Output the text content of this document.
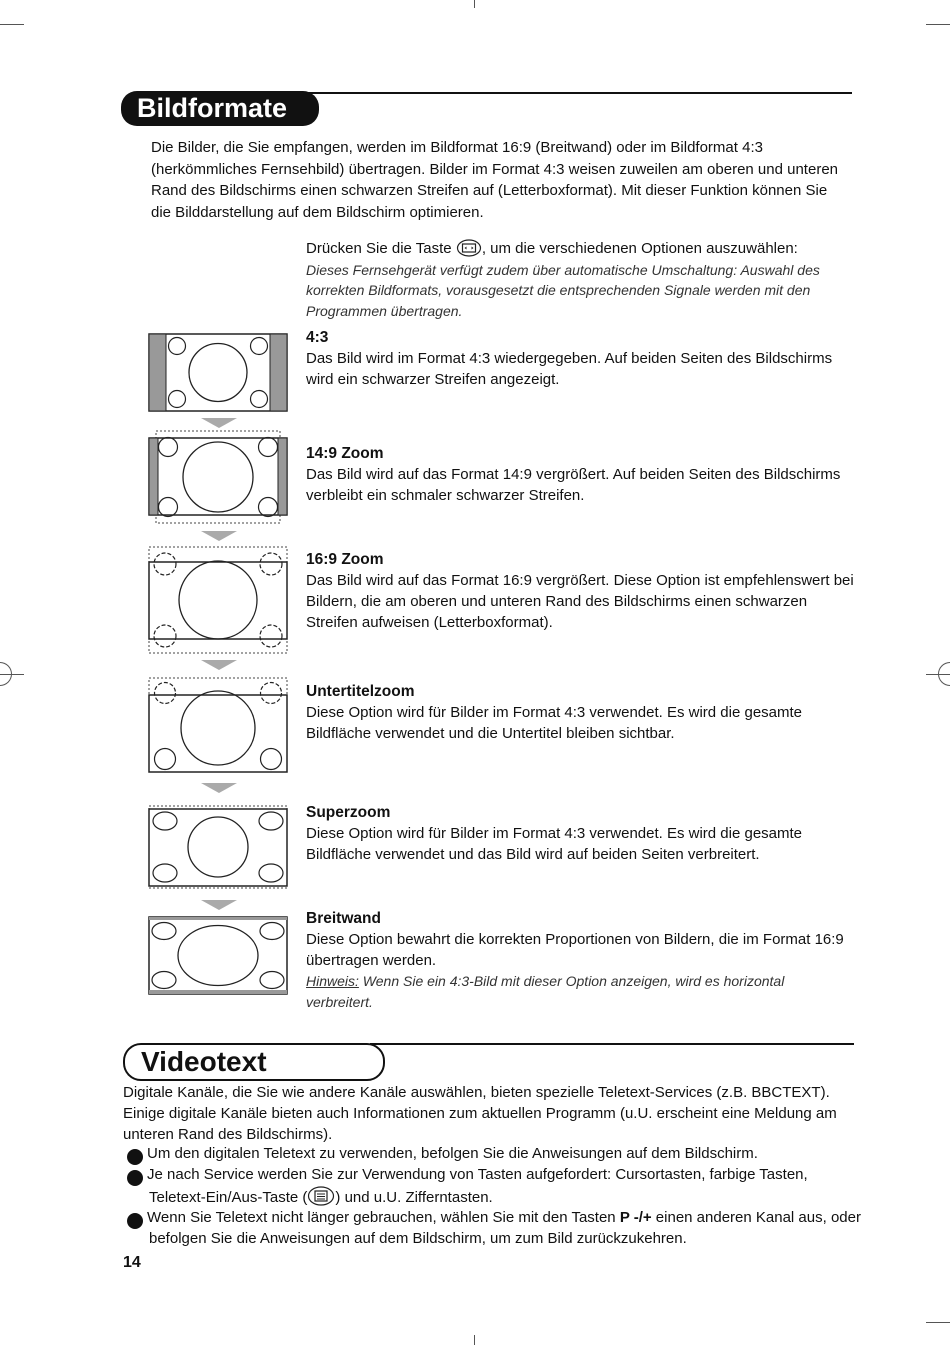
Bildformate
Die Bilder, die Sie empfangen, werden im Bildformat 16:9 (Breitwand) oder im Bildformat 4:3 (herkömmliches Fernsehbild) übertragen. Bilder im Format 4:3 weisen zuweilen am oberen und unteren Rand des Bildschirms einen schwarzen Streifen auf (Letterboxformat). Mit dieser Funktion können Sie die Bilddarstellung auf dem Bildschirm optimieren.
Drücken Sie die Taste , um die verschiedenen Optionen auszuwählen:
Dieses Fernsehgerät verfügt zudem über automatische Umschaltung: Auswahl des korrekten Bildformats, vorausgesetzt die entsprechenden Signale werden mit den Programmen übertragen.
4:3
Das Bild wird im Format 4:3 wiedergegeben. Auf beiden Seiten des Bildschirms wird ein schwarzer Streifen angezeigt.
14:9 Zoom
Das Bild wird auf das Format 14:9 vergrößert. Auf beiden Seiten des Bildschirms verbleibt ein schmaler schwarzer Streifen.
16:9 Zoom
Das Bild wird auf das Format 16:9 vergrößert. Diese Option ist empfehlenswert bei Bildern, die am oberen und unteren Rand des Bildschirms einen schwarzen Streifen aufweisen (Letterboxformat).
Untertitelzoom
Diese Option wird für Bilder im Format 4:3 verwendet. Es wird die gesamte Bildfläche verwendet und die Untertitel bleiben sichtbar.
Superzoom
Diese Option wird für Bilder im Format 4:3 verwendet. Es wird die gesamte Bildfläche verwendet und das Bild wird auf beiden Seiten verbreitert.
Breitwand
Diese Option bewahrt die korrekten Proportionen von Bildern, die im Format 16:9 übertragen werden.
Hinweis: Wenn Sie ein 4:3-Bild mit dieser Option anzeigen, wird es horizontal verbreitert.
Videotext
Digitale Kanäle, die Sie wie andere Kanäle auswählen, bieten spezielle Teletext-Services (z.B. BBCTEXT). Einige digitale Kanäle bieten auch Informationen zum aktuellen Programm (u.U. erscheint eine Meldung am unteren Rand des Bildschirms).
1 Um den digitalen Teletext zu verwenden, befolgen Sie die Anweisungen auf dem Bildschirm.
2 Je nach Service werden Sie zur Verwendung von Tasten aufgefordert: Cursortasten, farbige Tasten, Teletext-Ein/Aus-Taste ( ) und u.U. Zifferntasten.
3 Wenn Sie Teletext nicht länger gebrauchen, wählen Sie mit den Tasten P -/+ einen anderen Kanal aus, oder befolgen Sie die Anweisungen auf dem Bildschirm, um zum Bild zurückzukehren.
14
